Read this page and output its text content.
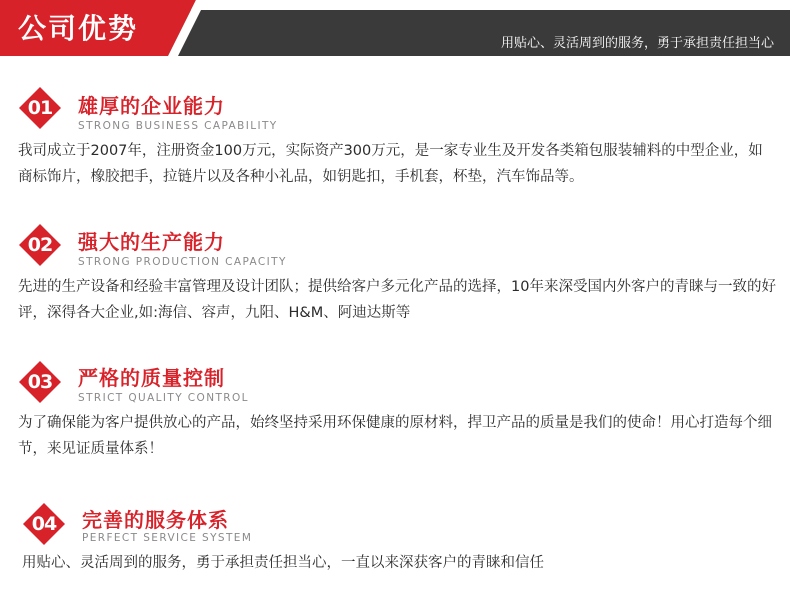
公司优势	用贴心、灵活周到的服务，勇于承担责任担当心
01	雄厚的企业能力
STRONG BUSINESS CAPABILITY
我司成立于2007年，注册资金100万元，实际资产300万元，是一家专业生及开发各类箱包服装辅料的中型企业，如商标饰片，橡胶把手，拉链片以及各种小礼品，如钥匙扣，手机套，杯垫，汽车饰品等。
02	强大的生产能力
STRONG PRODUCTION CAPACITY
先进的生产设备和经验丰富管理及设计团队；提供给客户多元化产品的选择，10年来深受国内外客户的青睐与一致的好评，深得各大企业,如:海信、容声，九阳、H&M、阿迪达斯等
03	严格的质量控制
STRICT QUALITY CONTROL
为了确保能为客户提供放心的产品，始终坚持采用环保健康的原材料，捍卫产品的质量是我们的使命！用心打造每个细节，来见证质量体系！
04	完善的服务体系
PERFECT SERVICE SYSTEM
用贴心、灵活周到的服务，勇于承担责任担当心，一直以来深获客户的青睐和信任
